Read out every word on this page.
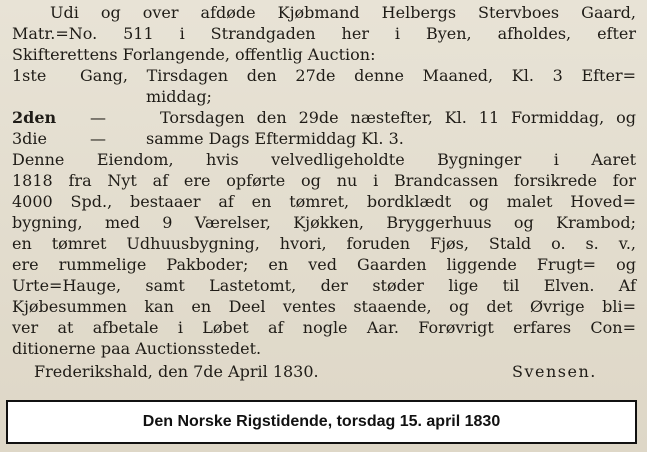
Udi og over afdøde Kjøbmand Helbergs Stervboes Gaard,
Matr.=No. 511 i Strandgaden her i Byen, afholdes, efter
Skifterettens Forlangende, offentlig Auction:
1ste Gang, Tirsdagen den 27de denne Maaned, Kl. 3 Efter=
middag;
2den —	Torsdagen den 29de næstefter, Kl. 11 Formiddag, og
3die	—	samme Dags Eftermiddag Kl. 3.
Denne Eiendom, hvis velvedligeholdte Bygninger i Aaret
1818 fra Nyt af ere opførte og nu i Brandcassen forsikrede for
4000 Spd., bestaaer af en tømret, bordklædt og malet Hoved=
bygning, med 9 Værelser, Kjøkken, Bryggerhuus og Krambod;
en tømret Udhuusbygning, hvori, foruden Fjøs, Stald o. s. v.,
ere rummelige Pakboder; en ved Gaarden liggende Frugt= og
Urte=Hauge, samt Lastetomt, der støder lige til Elven. Af
Kjøbesummen kan en Deel ventes staaende, og det Øvrige bli=
ver at afbetale i Løbet af nogle Aar. Forøvrigt erfares Con=
ditionerne paa Auctionsstedet.
Frederikshald, den 7de April 1830.	Svensen.
Den Norske Rigstidende, torsdag 15. april 1830
